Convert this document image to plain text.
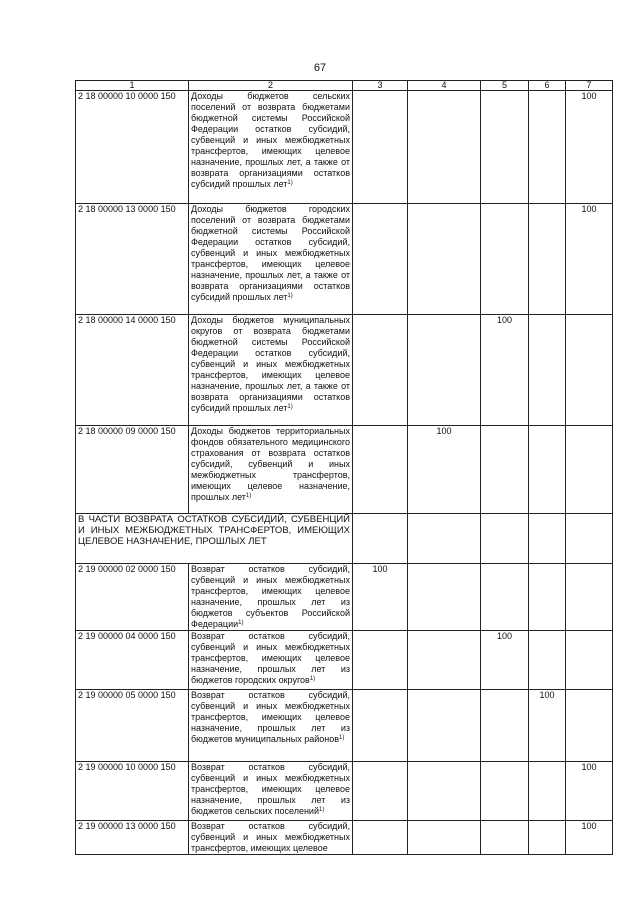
67
1	2	3	4	5	6	7
2 18 00000 10 0000 150	Доходы бюджетов сельских поселений от возврата бюджетами бюджетной системы Российской Федерации остатков субсидий, субвенций и иных межбюджетных трансфертов, имеющих целевое назначение, прошлых лет, а также от возврата организациями остатков субсидий прошлых лет$^{1)}$					100
2 18 00000 13 0000 150	Доходы бюджетов городских поселений от возврата бюджетами бюджетной системы Российской Федерации остатков субсидий, субвенций и иных межбюджетных трансфертов, имеющих целевое назначение, прошлых лет, а также от возврата организациями остатков субсидий прошлых лет$^{1)}$					100
2 18 00000 14 0000 150	Доходы бюджетов муниципальных округов от возврата бюджетами бюджетной системы Российской Федерации остатков субсидий, субвенций и иных межбюджетных трансфертов, имеющих целевое назначение, прошлых лет, а также от возврата организациями остатков субсидий прошлых лет$^{1)}$			100		
2 18 00000 09 0000 150	Доходы бюджетов территориальных фондов обязательного медицинского страхования от возврата остатков субсидий, субвенций и иных межбюджетных трансфертов, имеющих целевое назначение, прошлых лет$^{1)}$		100			
В ЧАСТИ ВОЗВРАТА ОСТАТКОВ СУБСИДИЙ, СУБВЕНЦИЙ И ИНЫХ МЕЖБЮДЖЕТНЫХ ТРАНСФЕРТОВ, ИМЕЮЩИХ ЦЕЛЕВОЕ НАЗНАЧЕНИЕ, ПРОШЛЫХ ЛЕТ						
2 19 00000 02 0000 150	Возврат остатков субсидий, субвенций и иных межбюджетных трансфертов, имеющих целевое назначение, прошлых лет из бюджетов субъектов Российской Федерации$^{1)}$	100				
2 19 00000 04 0000 150	Возврат остатков субсидий, субвенций и иных межбюджетных трансфертов, имеющих целевое назначение, прошлых лет из бюджетов городских округов$^{1)}$			100		
2 19 00000 05 0000 150	Возврат остатков субсидий, субвенций и иных межбюджетных трансфертов, имеющих целевое назначение, прошлых лет из бюджетов муниципальных районов$^{1)}$				100	
2 19 00000 10 0000 150	Возврат остатков субсидий, субвенций и иных межбюджетных трансфертов, имеющих целевое назначение, прошлых лет из бюджетов сельских поселений$^{1)}$					100
2 19 00000 13 0000 150	Возврат остатков субсидий, субвенций и иных межбюджетных трансфертов, имеющих целевое					100
